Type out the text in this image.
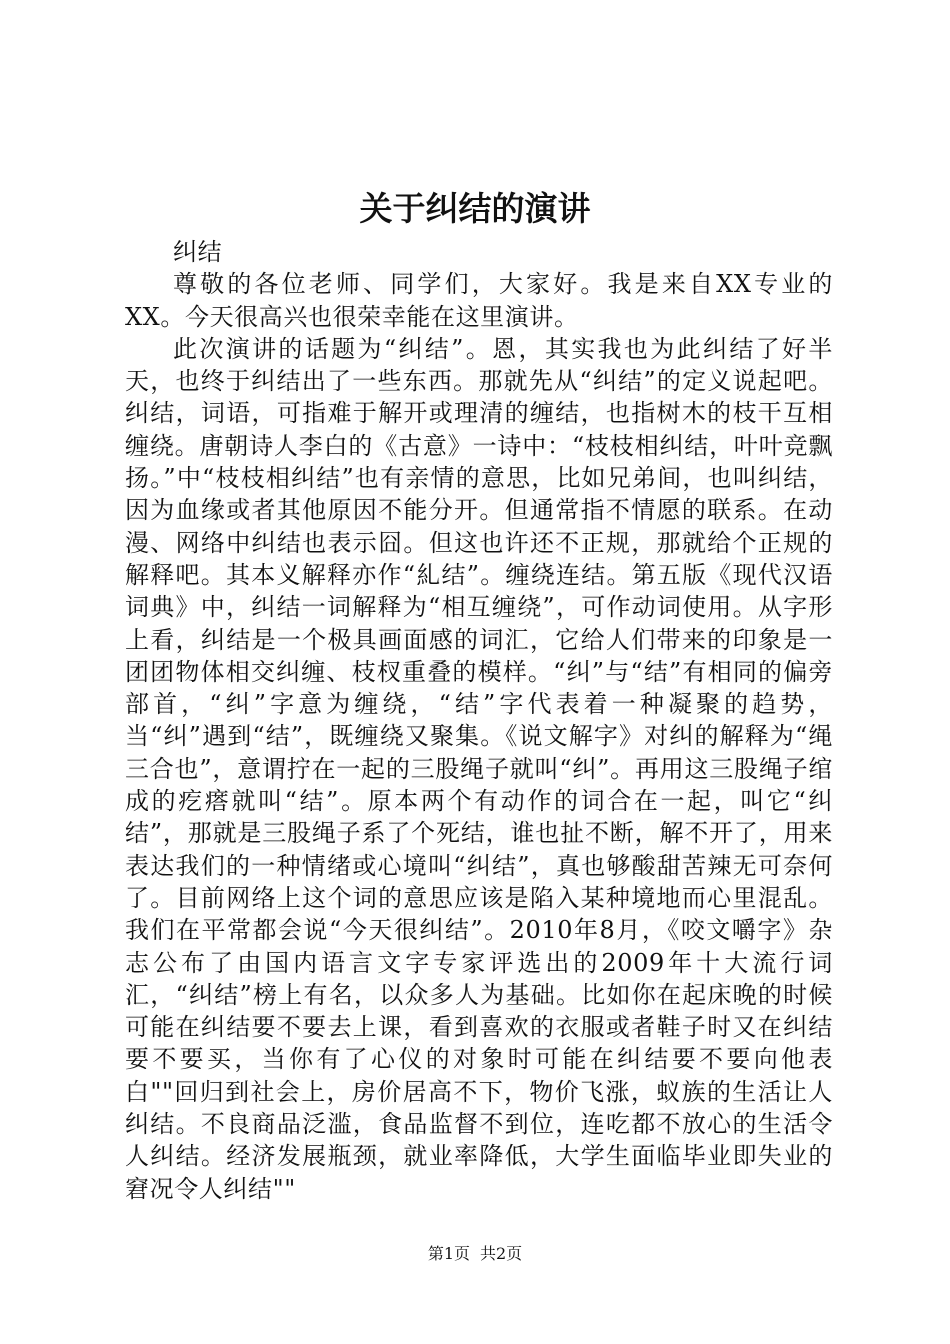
关于纠结的演讲

纠结

尊敬的各位老师、同学们，大家好。我是来自XX专业的XX。今天很高兴也很荣幸能在这里演讲。

此次演讲的话题为“纠结”。恩，其实我也为此纠结了好半天，也终于纠结出了一些东西。那就先从“纠结”的定义说起吧。纠结，词语，可指难于解开或理清的缠结，也指树木的枝干互相缠绕。唐朝诗人李白的《古意》一诗中：“枝枝相纠结，叶叶竞飘扬。”中“枝枝相纠结”也有亲情的意思，比如兄弟间，也叫纠结，因为血缘或者其他原因不能分开。但通常指不情愿的联系。在动漫、网络中纠结也表示囧。但这也许还不正规，那就给个正规的解释吧。其本义解释亦作“糺结”。缠绕连结。第五版《现代汉语词典》中，纠结一词解释为“相互缠绕”，可作动词使用。从字形上看，纠结是一个极具画面感的词汇，它给人们带来的印象是一团团物体相交纠缠、枝杈重叠的模样。“纠”与“结”有相同的偏旁部首，“纠”字意为缠绕，“结”字代表着一种凝聚的趋势，当“纠”遇到“结”，既缠绕又聚集。《说文解字》对纠的解释为“绳三合也”，意谓拧在一起的三股绳子就叫“纠”。再用这三股绳子绾成的疙瘩就叫“结”。原本两个有动作的词合在一起，叫它“纠结”，那就是三股绳子系了个死结，谁也扯不断，解不开了，用来表达我们的一种情绪或心境叫“纠结”，真也够酸甜苦辣无可奈何了。目前网络上这个词的意思应该是陷入某种境地而心里混乱。我们在平常都会说“今天很纠结”。2010年8月，《咬文嚼字》杂志公布了由国内语言文字专家评选出的2009年十大流行词汇，“纠结”榜上有名，以众多人为基础。比如你在起床晚的时候可能在纠结要不要去上课，看到喜欢的衣服或者鞋子时又在纠结要不要买，当你有了心仪的对象时可能在纠结要不要向他表白""回归到社会上，房价居高不下，物价飞涨，蚁族的生活让人纠结。不良商品泛滥，食品监督不到位，连吃都不放心的生活令人纠结。经济发展瓶颈，就业率降低，大学生面临毕业即失业的窘况令人纠结""

第1页 共2页
